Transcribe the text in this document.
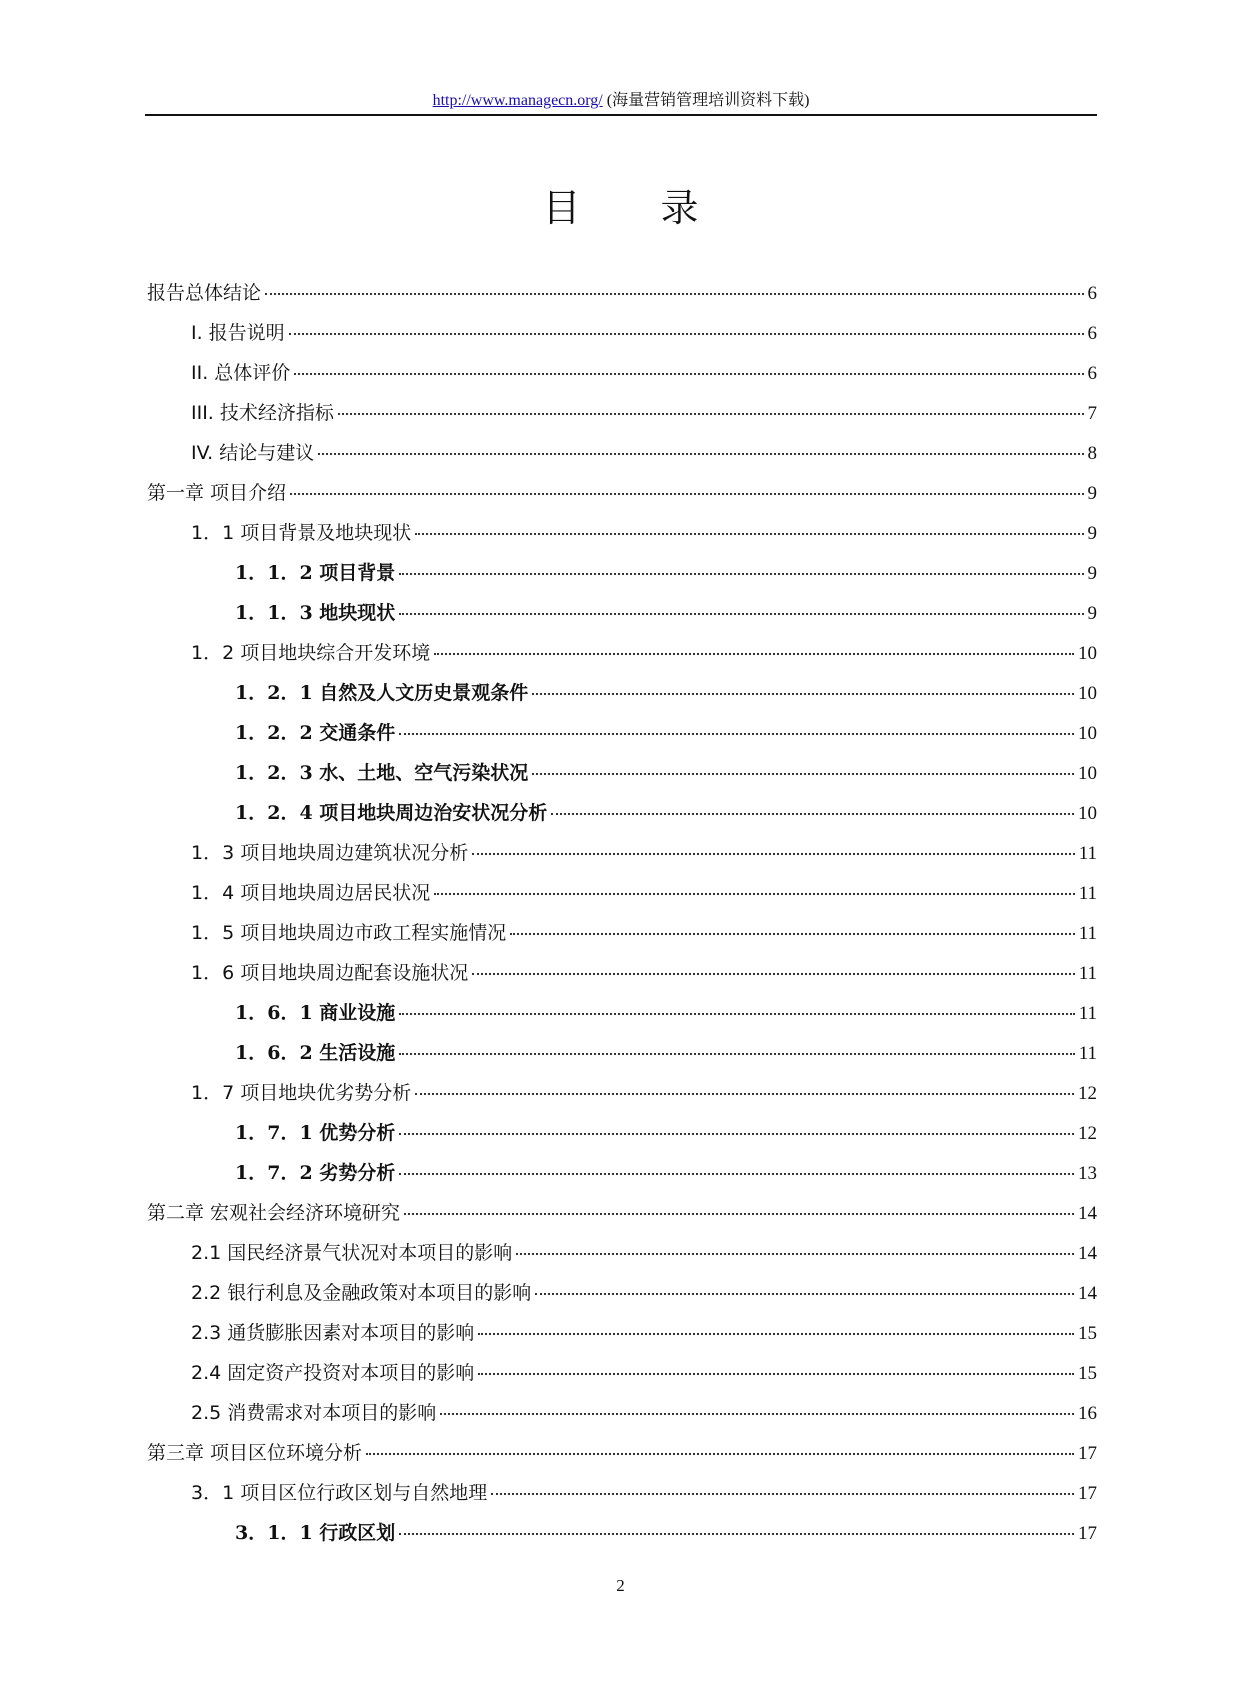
http://www.managecn.org/ (海量营销管理培训资料下载)
目 录
报告总体结论	6
I. 报告说明	6
II. 总体评价	6
III. 技术经济指标	7
IV. 结论与建议	8
第一章 项目介绍	9
1．1 项目背景及地块现状	9
1．1．2 项目背景	9
1．1．3 地块现状	9
1．2 项目地块综合开发环境	10
1．2．1 自然及人文历史景观条件	10
1．2．2 交通条件	10
1．2．3 水、土地、空气污染状况	10
1．2．4 项目地块周边治安状况分析	10
1．3 项目地块周边建筑状况分析	11
1．4 项目地块周边居民状况	11
1．5 项目地块周边市政工程实施情况	11
1．6 项目地块周边配套设施状况	11
1．6．1 商业设施	11
1．6．2 生活设施	11
1．7 项目地块优劣势分析	12
1．7．1 优势分析	12
1．7．2 劣势分析	13
第二章 宏观社会经济环境研究	14
2.1 国民经济景气状况对本项目的影响	14
2.2 银行利息及金融政策对本项目的影响	14
2.3 通货膨胀因素对本项目的影响	15
2.4 固定资产投资对本项目的影响	15
2.5 消费需求对本项目的影响	16
第三章 项目区位环境分析	17
3．1 项目区位行政区划与自然地理	17
3．1．1 行政区划	17
2
